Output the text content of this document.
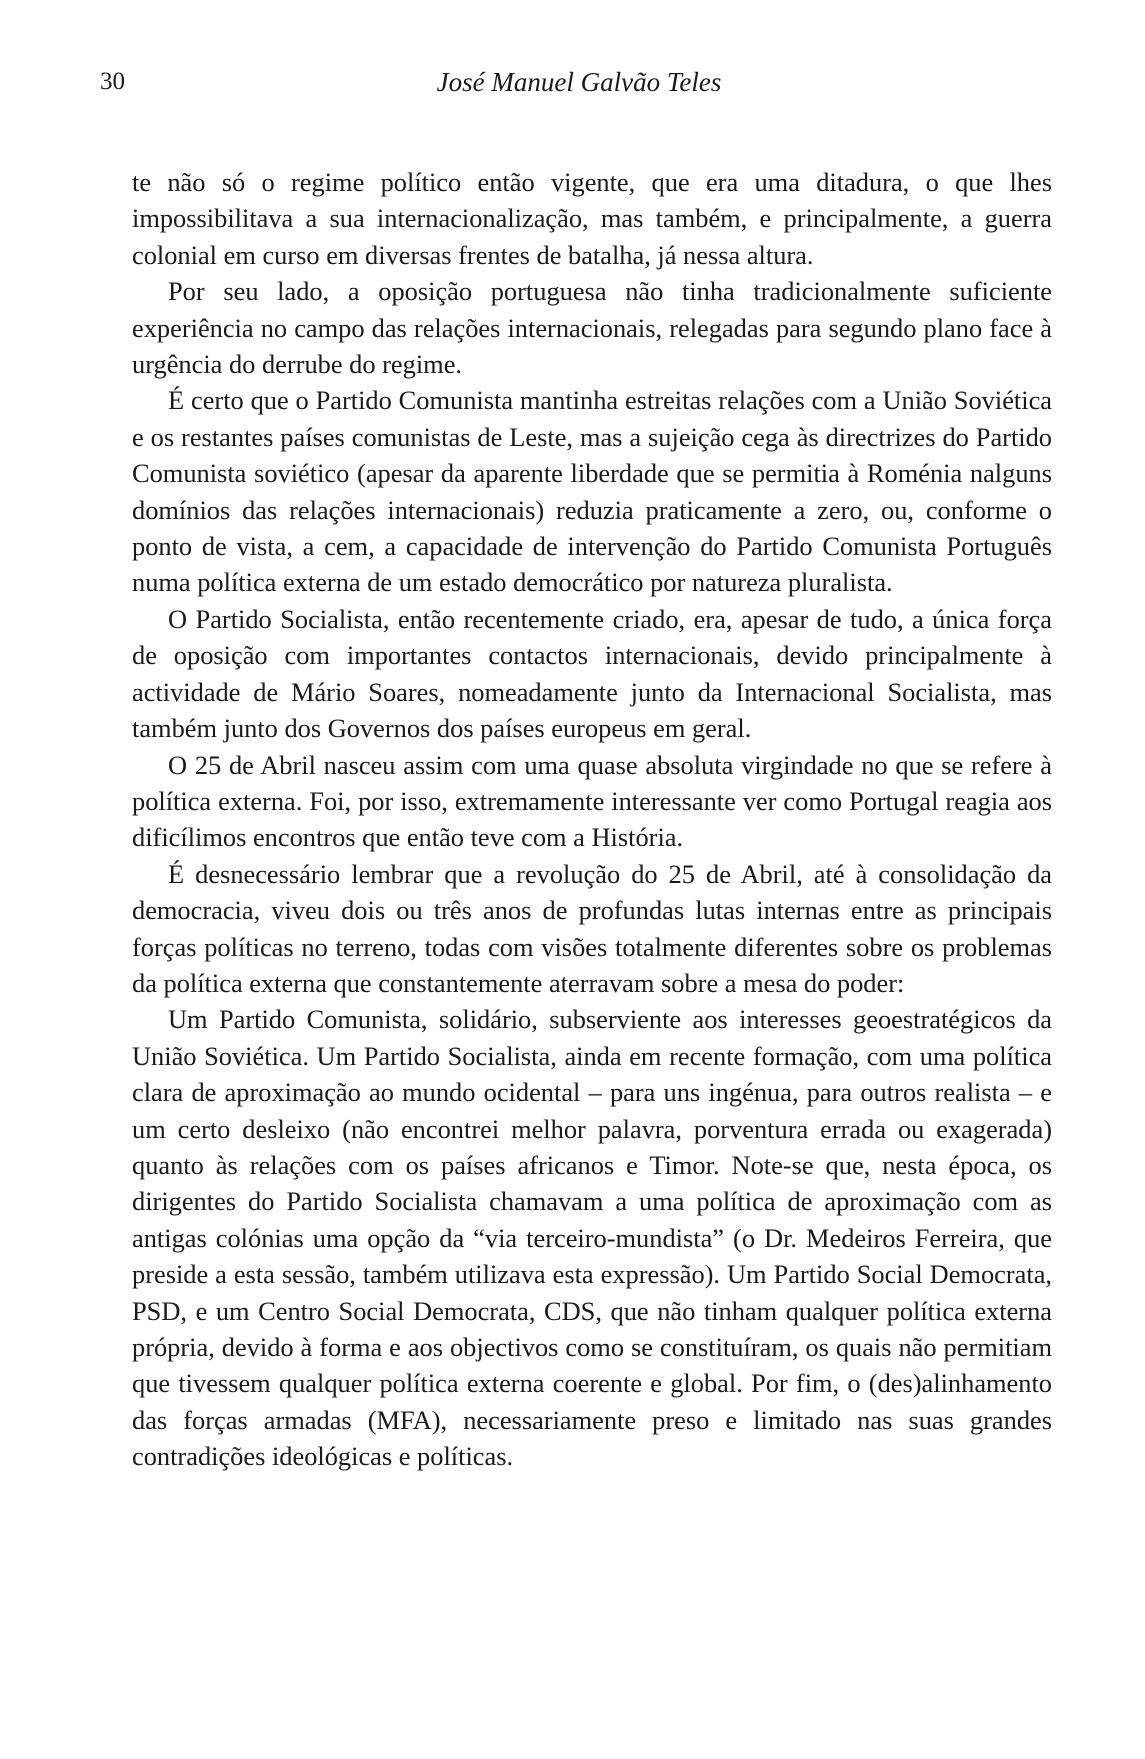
30	José Manuel Galvão Teles

te não só o regime político então vigente, que era uma ditadura, o que lhes impossibilitava a sua internacionalização, mas também, e principalmente, a guerra colonial em curso em diversas frentes de batalha, já nessa altura.

Por seu lado, a oposição portuguesa não tinha tradicionalmente suficiente experiência no campo das relações internacionais, relegadas para segundo plano face à urgência do derrube do regime.

É certo que o Partido Comunista mantinha estreitas relações com a União Soviética e os restantes países comunistas de Leste, mas a sujeição cega às directrizes do Partido Comunista soviético (apesar da aparente liberdade que se permitia à Roménia nalguns domínios das relações internacionais) reduzia praticamente a zero, ou, conforme o ponto de vista, a cem, a capacidade de intervenção do Partido Comunista Português numa política externa de um estado democrático por natureza pluralista.

O Partido Socialista, então recentemente criado, era, apesar de tudo, a única força de oposição com importantes contactos internacionais, devido principalmente à actividade de Mário Soares, nomeadamente junto da Internacional Socialista, mas também junto dos Governos dos países europeus em geral.

O 25 de Abril nasceu assim com uma quase absoluta virgindade no que se refere à política externa. Foi, por isso, extremamente interessante ver como Portugal reagia aos dificílimos encontros que então teve com a História.

É desnecessário lembrar que a revolução do 25 de Abril, até à consolidação da democracia, viveu dois ou três anos de profundas lutas internas entre as principais forças políticas no terreno, todas com visões totalmente diferentes sobre os problemas da política externa que constantemente aterravam sobre a mesa do poder:

Um Partido Comunista, solidário, subserviente aos interesses geoestratégicos da União Soviética. Um Partido Socialista, ainda em recente formação, com uma política clara de aproximação ao mundo ocidental – para uns ingénua, para outros realista – e um certo desleixo (não encontrei melhor palavra, porventura errada ou exagerada) quanto às relações com os países africanos e Timor. Note-se que, nesta época, os dirigentes do Partido Socialista chamavam a uma política de aproximação com as antigas colónias uma opção da “via terceiro-mundista” (o Dr. Medeiros Ferreira, que preside a esta sessão, também utilizava esta expressão). Um Partido Social Democrata, PSD, e um Centro Social Democrata, CDS, que não tinham qualquer política externa própria, devido à forma e aos objectivos como se constituíram, os quais não permitiam que tivessem qualquer política externa coerente e global. Por fim, o (des)alinhamento das forças armadas (MFA), necessariamente preso e limitado nas suas grandes contradições ideológicas e políticas.
